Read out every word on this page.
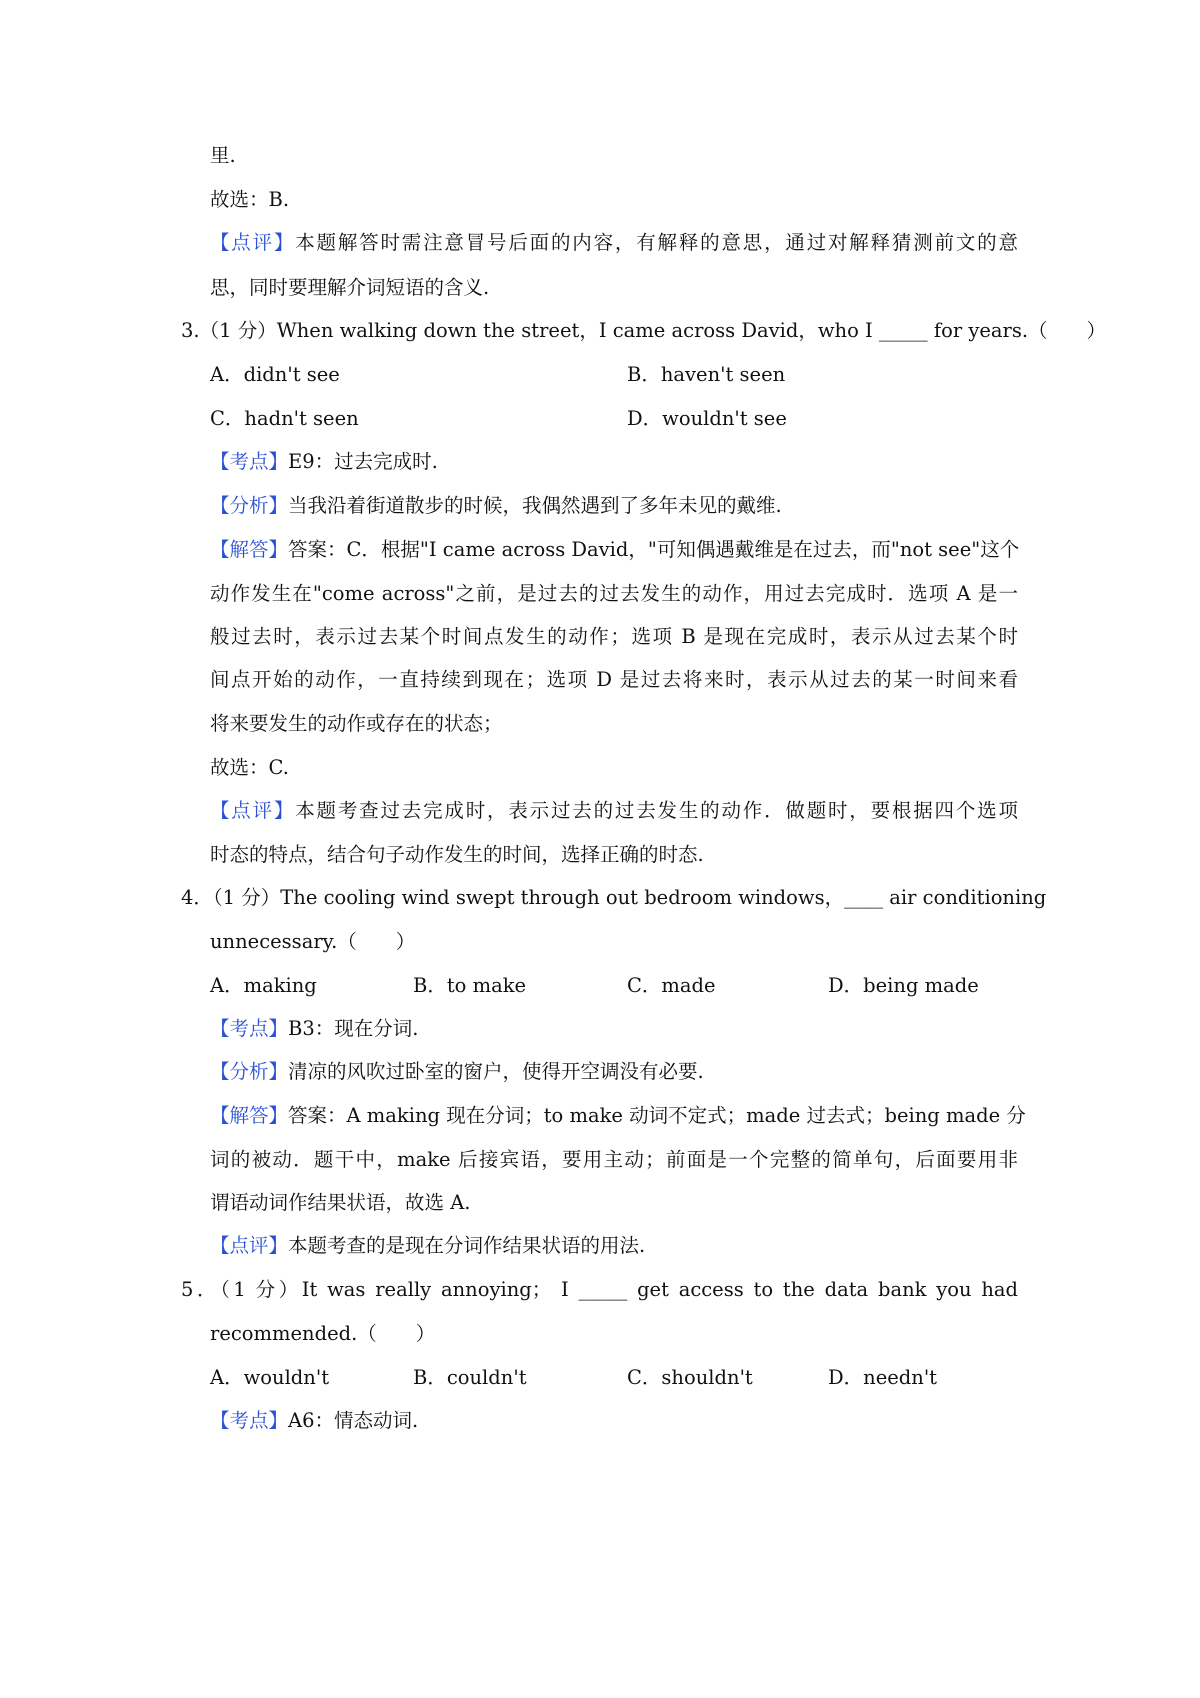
里.
故选：B.
【点评】本题解答时需注意冒号后面的内容，有解释的意思，通过对解释猜测前文的意
思，同时要理解介词短语的含义.
3.（1 分）When walking down the street，I came across David，who I _____ for years.（　　）
A．didn't see	B．haven't seen
C．hadn't seen	D．wouldn't see
【考点】E9：过去完成时.
【分析】当我沿着街道散步的时候，我偶然遇到了多年未见的戴维.
【解答】答案：C．根据"I came across David，"可知偶遇戴维是在过去，而"not see"这个
动作发生在"come across"之前，是过去的过去发生的动作，用过去完成时．选项 A 是一
般过去时，表示过去某个时间点发生的动作；选项 B 是现在完成时，表示从过去某个时
间点开始的动作，一直持续到现在；选项 D 是过去将来时，表示从过去的某一时间来看
将来要发生的动作或存在的状态；
故选：C.
【点评】本题考查过去完成时，表示过去的过去发生的动作．做题时，要根据四个选项
时态的特点，结合句子动作发生的时间，选择正确的时态.
4．（1 分）The cooling wind swept through out bedroom windows，____ air conditioning
unnecessary.（　　）
A．making	B．to make	C．made	D．being made
【考点】B3：现在分词.
【分析】清凉的风吹过卧室的窗户，使得开空调没有必要.
【解答】答案：A making 现在分词；to make 动词不定式；made 过去式；being made 分
词的被动．题干中，make 后接宾语，要用主动；前面是一个完整的简单句，后面要用非
谓语动词作结果状语，故选 A.
【点评】本题考查的是现在分词作结果状语的用法.
5．（1 分）It was really annoying； I _____ get access to the data bank you had
recommended.（　　）
A．wouldn't	B．couldn't	C．shouldn't	D．needn't
【考点】A6：情态动词.
